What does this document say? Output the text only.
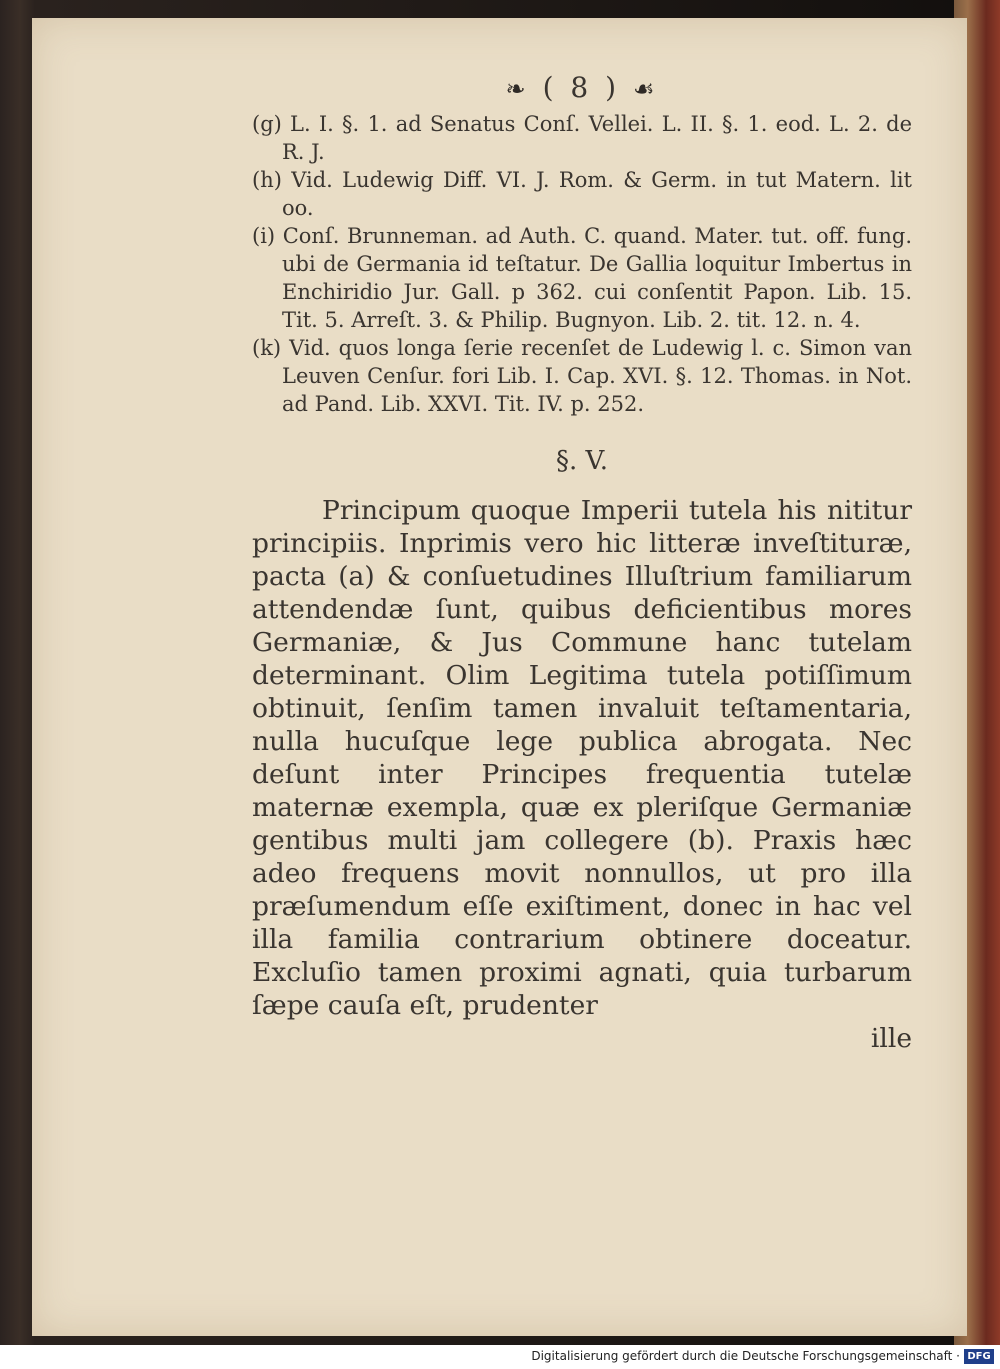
❧ ( 8 ) ☙

(g) L. I. §. 1. ad Senatus Conſ. Vellei. L. II. §. 1. eod. L. 2. de R. J.

(h) Vid. Ludewig Diff. VI. J. Rom. & Germ. in tut Matern. lit oo.

(i) Conſ. Brunneman. ad Auth. C. quand. Mater. tut. off. fung. ubi de Germania id teſtatur. De Gallia loquitur Imbertus in Enchiridio Jur. Gall. p 362. cui conſentit Papon. Lib. 15. Tit. 5. Arreſt. 3. & Philip. Bugnyon. Lib. 2. tit. 12. n. 4.

(k) Vid. quos longa ſerie recenſet de Ludewig l. c. Simon van Leuven Cenſur. fori Lib. I. Cap. XVI. §. 12. Thomas. in Not. ad Pand. Lib. XXVI. Tit. IV. p. 252.

§. V.

Principum quoque Imperii tutela his nititur principiis. Inprimis vero hic litteræ inveſtituræ, pacta (a) & conſuetudines Illuſtrium familiarum attendendæ ſunt, quibus deficientibus mores Germaniæ, & Jus Commune hanc tutelam determinant. Olim Legitima tutela potiſſimum obtinuit, ſenſim tamen invaluit teſtamentaria, nulla hucuſque lege publica abrogata. Nec deſunt inter Principes frequentia tutelæ maternæ exempla, quæ ex pleriſque Germaniæ gentibus multi jam collegere (b). Praxis hæc adeo frequens movit nonnullos, ut pro illa præſumendum eſſe exiſtiment, donec in hac vel illa familia contrarium obtinere doceatur. Excluſio tamen proximi agnati, quia turbarum ſæpe cauſa eſt, prudenter

ille
Digitalisierung gefördert durch die Deutsche Forschungsgemeinschaft · DFG
